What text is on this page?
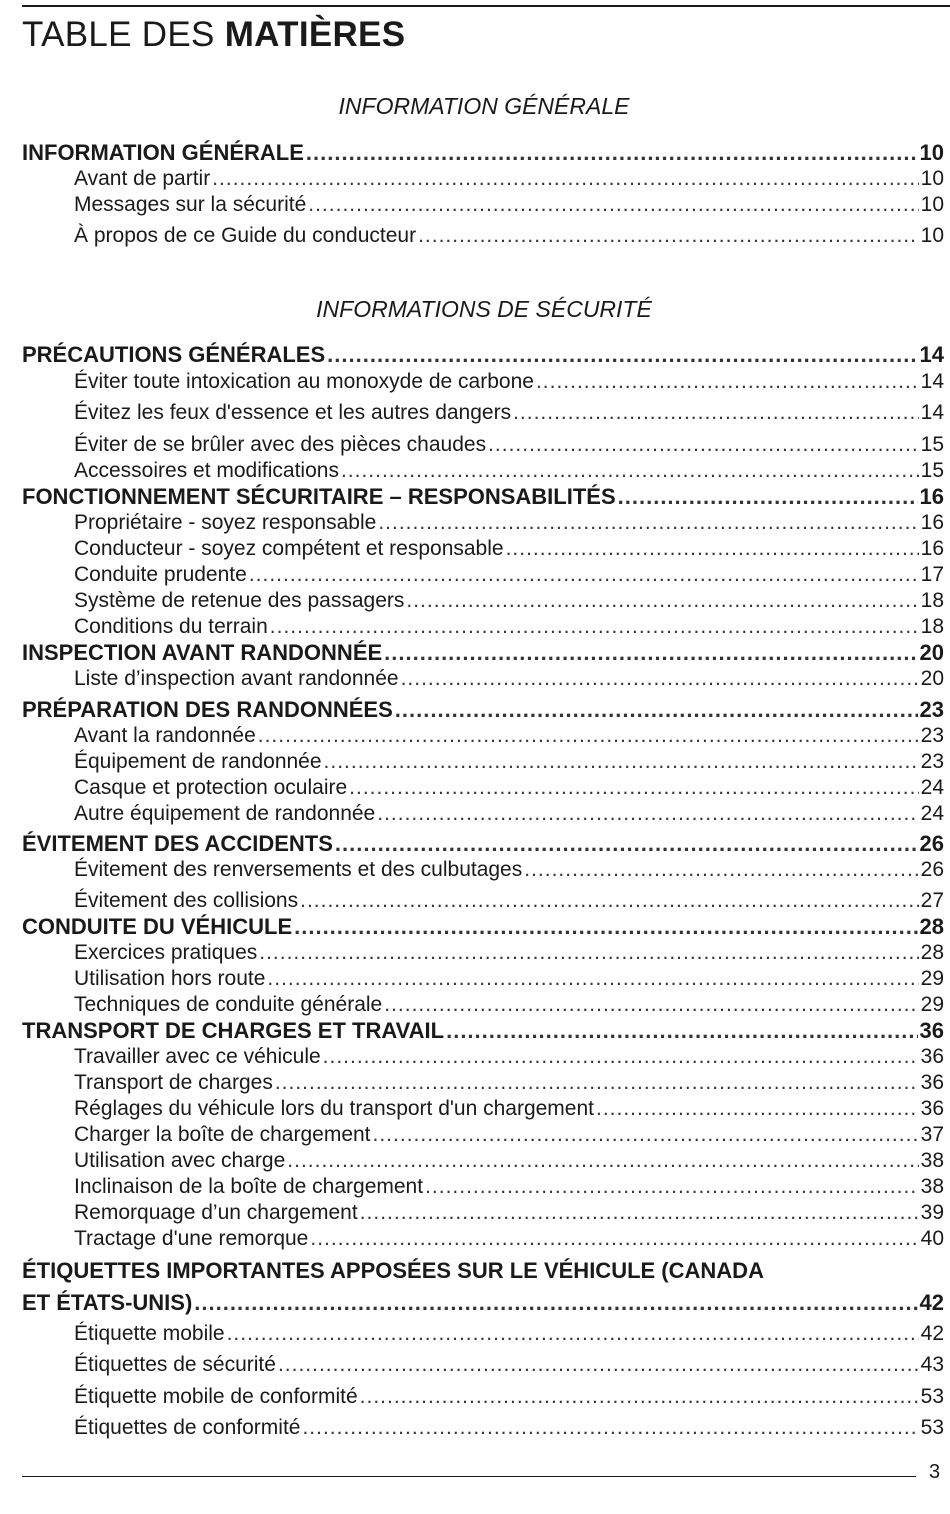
TABLE DES MATIÈRES
INFORMATION GÉNÉRALE
INFORMATION GÉNÉRALE .....	10
Avant de partir .....	10
Messages sur la sécurité .....	10
À propos de ce Guide du conducteur .....	10
INFORMATIONS DE SÉCURITÉ
PRÉCAUTIONS GÉNÉRALES .....	14
Éviter toute intoxication au monoxyde de carbone .....	14
Évitez les feux d'essence et les autres dangers .....	14
Éviter de se brûler avec des pièces chaudes .....	15
Accessoires et modifications .....	15
FONCTIONNEMENT SÉCURITAIRE – RESPONSABILITÉS .....	16
Propriétaire - soyez responsable .....	16
Conducteur - soyez compétent et responsable .....	16
Conduite prudente .....	17
Système de retenue des passagers .....	18
Conditions du terrain .....	18
INSPECTION AVANT RANDONNÉE .....	20
Liste d’inspection avant randonnée .....	20
PRÉPARATION DES RANDONNÉES .....	23
Avant la randonnée .....	23
Équipement de randonnée .....	23
Casque et protection oculaire .....	24
Autre équipement de randonnée .....	24
ÉVITEMENT DES ACCIDENTS .....	26
Évitement des renversements et des culbutages .....	26
Évitement des collisions .....	27
CONDUITE DU VÉHICULE .....	28
Exercices pratiques .....	28
Utilisation hors route .....	29
Techniques de conduite générale .....	29
TRANSPORT DE CHARGES ET TRAVAIL .....	36
Travailler avec ce véhicule .....	36
Transport de charges .....	36
Réglages du véhicule lors du transport d'un chargement .....	36
Charger la boîte de chargement .....	37
Utilisation avec charge .....	38
Inclinaison de la boîte de chargement .....	38
Remorquage d’un chargement .....	39
Tractage d'une remorque .....	40
ÉTIQUETTES IMPORTANTES APPOSÉES SUR LE VÉHICULE (CANADA
ET ÉTATS-UNIS) .....	42
Étiquette mobile .....	42
Étiquettes de sécurité .....	43
Étiquette mobile de conformité .....	53
Étiquettes de conformité .....	53
3
